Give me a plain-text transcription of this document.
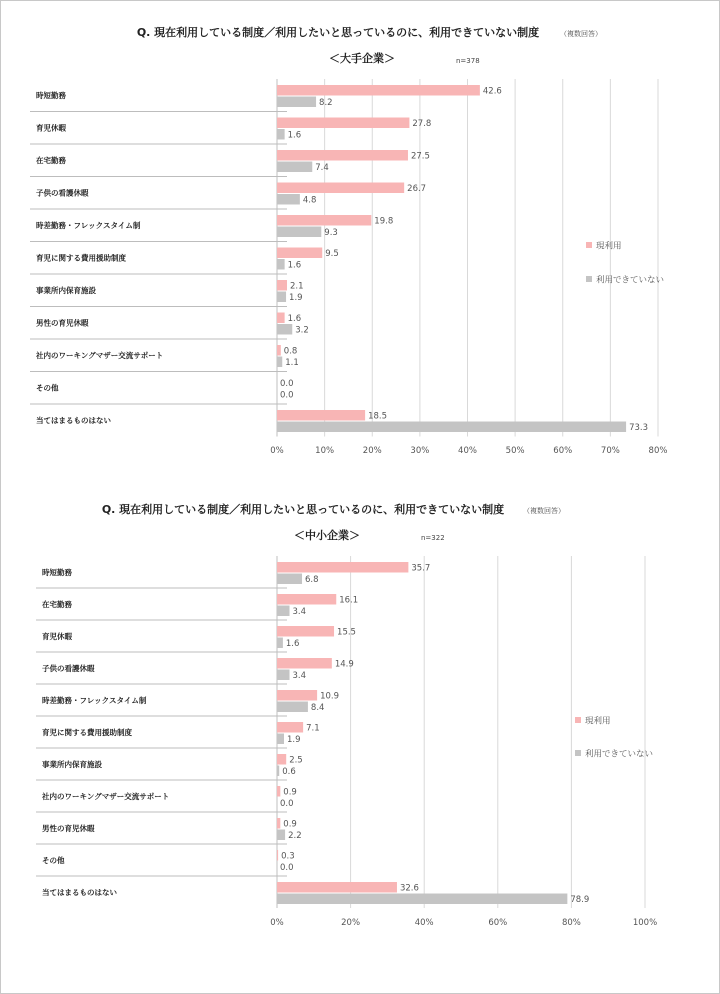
Q. 現在利用している制度／利用したいと思っているのに、利用できていない制度	（複数回答）
＜大手企業＞	n=378
0%	10%	20%	30%	40%	50%	60%	70%	80%
時短勤務	42.6
8.2
育児休暇	27.8
1.6
在宅勤務	27.5
7.4
子供の看護休暇	26.7
4.8
時差勤務・フレックスタイム制	19.8
9.3
育児に関する費用援助制度	9.5
1.6
事業所内保育施設	2.1
1.9
男性の育児休暇	1.6
3.2
社内のワーキングマザー交流サポート	0.8
1.1
その他	0.0
0.0
当てはまるものはない	18.5
73.3
現利用
利用できていない
Q. 現在利用している制度／利用したいと思っているのに、利用できていない制度	（複数回答）
＜中小企業＞	n=322
0%	20%	40%	60%	80%	100%
時短勤務	35.7
6.8
在宅勤務	16.1
3.4
育児休暇	15.5
1.6
子供の看護休暇	14.9
3.4
時差勤務・フレックスタイム制	10.9
8.4
育児に関する費用援助制度	7.1
1.9
事業所内保育施設	2.5
0.6
社内のワーキングマザー交流サポート	0.9
0.0
男性の育児休暇	0.9
2.2
その他	0.3
0.0
当てはまるものはない	32.6
78.9
現利用
利用できていない
